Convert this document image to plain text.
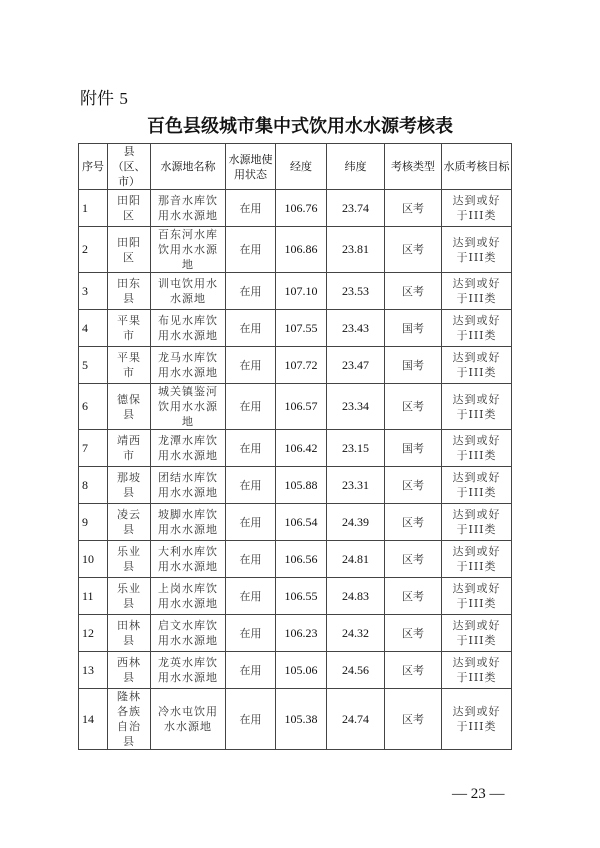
附件 5
百色县级城市集中式饮用水水源考核表
序号	县（区、市）	水源地名称	水源地使用状态	经度	纬度	考核类型	水质考核目标
1	田阳区	那音水库饮用水水源地	在用	106.76	23.74	区考	达到或好于III类
2	田阳区	百东河水库饮用水水源地	在用	106.86	23.81	区考	达到或好于III类
3	田东县	训屯饮用水水源地	在用	107.10	23.53	区考	达到或好于III类
4	平果市	布见水库饮用水水源地	在用	107.55	23.43	国考	达到或好于III类
5	平果市	龙马水库饮用水水源地	在用	107.72	23.47	国考	达到或好于III类
6	德保县	城关镇鉴河饮用水水源地	在用	106.57	23.34	区考	达到或好于III类
7	靖西市	龙潭水库饮用水水源地	在用	106.42	23.15	国考	达到或好于III类
8	那坡县	团结水库饮用水水源地	在用	105.88	23.31	区考	达到或好于III类
9	凌云县	坡脚水库饮用水水源地	在用	106.54	24.39	区考	达到或好于III类
10	乐业县	大利水库饮用水水源地	在用	106.56	24.81	区考	达到或好于III类
11	乐业县	上岗水库饮用水水源地	在用	106.55	24.83	区考	达到或好于III类
12	田林县	启文水库饮用水水源地	在用	106.23	24.32	区考	达到或好于III类
13	西林县	龙英水库饮用水水源地	在用	105.06	24.56	区考	达到或好于III类
14	隆林各族自治县	冷水屯饮用水水源地	在用	105.38	24.74	区考	达到或好于III类
— 23 —
